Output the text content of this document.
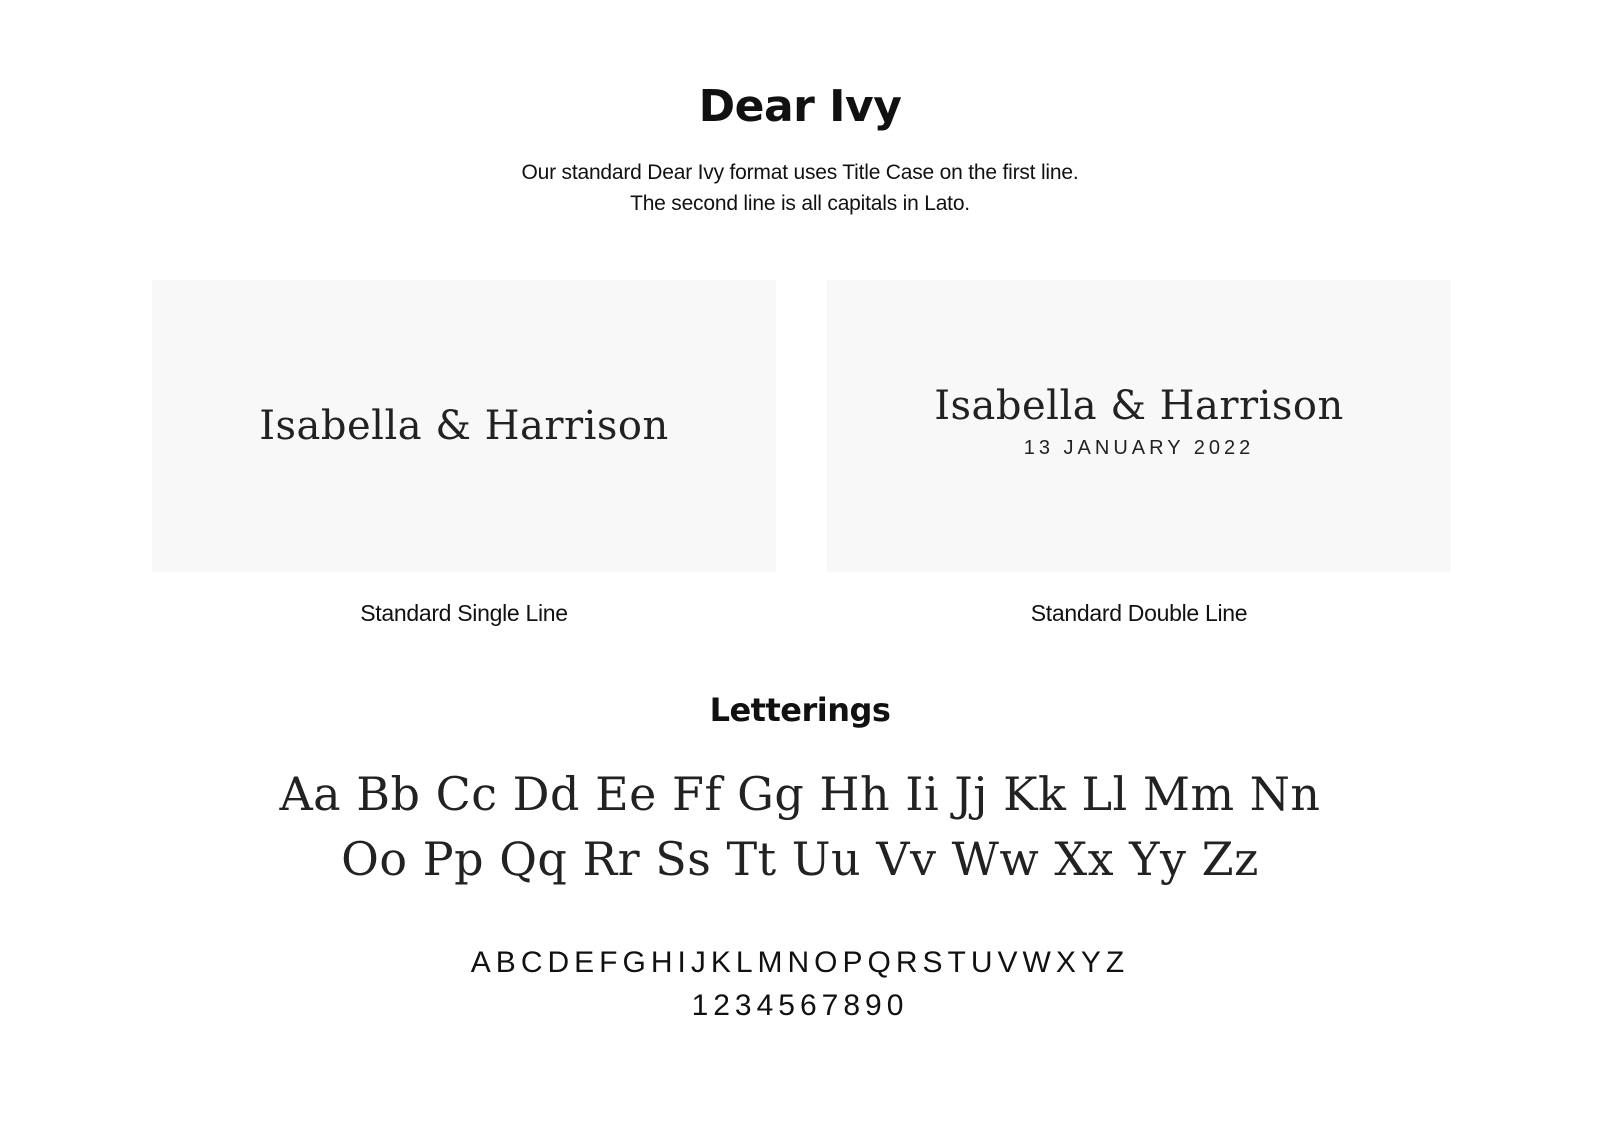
Dear Ivy
Our standard Dear Ivy format uses Title Case on the first line.
The second line is all capitals in Lato.
Isabella & Harrison	Isabella & Harrison
13 JANUARY 2022
Standard Single Line	Standard Double Line
Letterings
Aa Bb Cc Dd Ee Ff Gg Hh Ii Jj Kk Ll Mm Nn
Oo Pp Qq Rr Ss Tt Uu Vv Ww Xx Yy Zz
ABCDEFGHIJKLMNOPQRSTUVWXYZ
1234567890
